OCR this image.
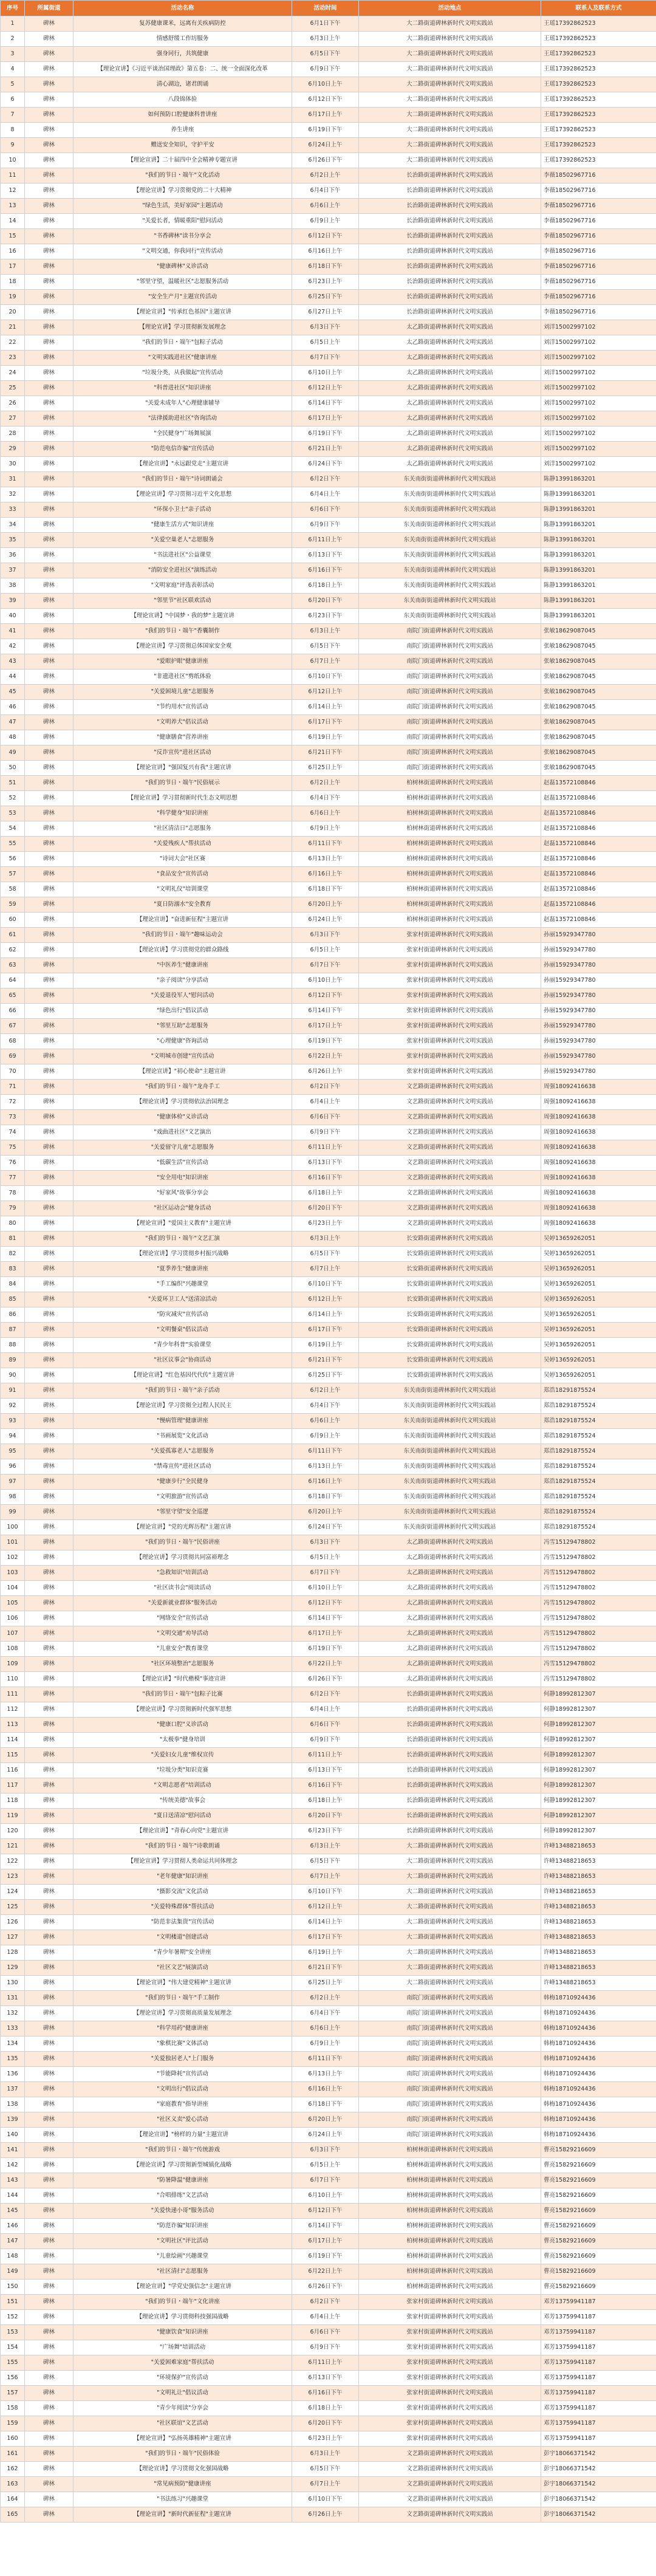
序号	所属街道	活动名称	活动时间	活动地点	联系人及联系方式
1	碑林	复苏健康课米，远离有关疾病防控	6月1日下午	大二路街道碑林新时代文明实践站	王瑶17392862523
2	碑林	情感舒缓工作坊服务	6月3日上午	大二路街道碑林新时代文明实践站	王瑶17392862523
3	碑林	强身同行，共筑健康	6月5日下午	大二路街道碑林新时代文明实践站	王瑶17392862523
4	碑林	【理论宣讲】《习近平谈治国理政》第五卷：二、统一全面深化改革	6月9日下午	大二路街道碑林新时代文明实践站	王瑶17392862523
5	碑林	清心湖边，诸君朗诵	6月10日上午	大二路街道碑林新时代文明实践站	王瑶17392862523
6	碑林	八段锦体验	6月12日下午	大二路街道碑林新时代文明实践站	王瑶17392862523
7	碑林	如何预防口腔健康科普讲座	6月17日上午	大二路街道碑林新时代文明实践站	王瑶17392862523
8	碑林	养生讲座	6月19日下午	大二路街道碑林新时代文明实践站	王瑶17392862523
9	碑林	赠送安全知识，守护平安	6月24日上午	大二路街道碑林新时代文明实践站	王瑶17392862523
10	碑林	【理论宣讲】二十届四中全会精神专题宣讲	6月26日下午	大二路街道碑林新时代文明实践站	王瑶17392862523
11	碑林	"我们的节日・端午"文化活动	6月2日上午	长治路街道碑林新时代文明实践站	李薇18502967716
12	碑林	【理论宣讲】学习贯彻党的二十大精神	6月4日下午	长治路街道碑林新时代文明实践站	李薇18502967716
13	碑林	"绿色生活，美好家园"主题活动	6月6日上午	长治路街道碑林新时代文明实践站	李薇18502967716
14	碑林	"关爱长者，情暖重阳"慰问活动	6月9日上午	长治路街道碑林新时代文明实践站	李薇18502967716
15	碑林	"书香碑林"读书分享会	6月12日下午	长治路街道碑林新时代文明实践站	李薇18502967716
16	碑林	"文明交通，你我同行"宣传活动	6月16日上午	长治路街道碑林新时代文明实践站	李薇18502967716
17	碑林	"健康碑林"义诊活动	6月18日下午	长治路街道碑林新时代文明实践站	李薇18502967716
18	碑林	"邻里守望，温暖社区"志愿服务活动	6月23日上午	长治路街道碑林新时代文明实践站	李薇18502967716
19	碑林	"安全生产月"主题宣传活动	6月25日下午	长治路街道碑林新时代文明实践站	李薇18502967716
20	碑林	【理论宣讲】"传承红色基因"主题宣讲	6月27日上午	长治路街道碑林新时代文明实践站	李薇18502967716
21	碑林	【理论宣讲】学习贯彻新发展理念	6月3日下午	太乙路街道碑林新时代文明实践站	刘洋15002997102
22	碑林	"我们的节日・端午"包粽子活动	6月5日上午	太乙路街道碑林新时代文明实践站	刘洋15002997102
23	碑林	"文明实践进社区"健康讲座	6月7日下午	太乙路街道碑林新时代文明实践站	刘洋15002997102
24	碑林	"垃圾分类，从我做起"宣传活动	6月10日上午	太乙路街道碑林新时代文明实践站	刘洋15002997102
25	碑林	"科普进社区"知识讲座	6月12日上午	太乙路街道碑林新时代文明实践站	刘洋15002997102
26	碑林	"关爱未成年人"心理健康辅导	6月14日下午	太乙路街道碑林新时代文明实践站	刘洋15002997102
27	碑林	"法律援助进社区"咨询活动	6月17日上午	太乙路街道碑林新时代文明实践站	刘洋15002997102
28	碑林	"全民健身"广场舞展演	6月19日下午	太乙路街道碑林新时代文明实践站	刘洋15002997102
29	碑林	"防范电信诈骗"宣传活动	6月21日上午	太乙路街道碑林新时代文明实践站	刘洋15002997102
30	碑林	【理论宣讲】"永远跟党走"主题宣讲	6月24日下午	太乙路街道碑林新时代文明实践站	刘洋15002997102
31	碑林	"我们的节日・端午"诗词朗诵会	6月2日下午	东关南街街道碑林新时代文明实践站	陈静13991863201
32	碑林	【理论宣讲】学习贯彻习近平文化思想	6月4日上午	东关南街街道碑林新时代文明实践站	陈静13991863201
33	碑林	"环保小卫士"亲子活动	6月6日下午	东关南街街道碑林新时代文明实践站	陈静13991863201
34	碑林	"健康生活方式"知识讲座	6月9日下午	东关南街街道碑林新时代文明实践站	陈静13991863201
35	碑林	"关爱空巢老人"志愿服务	6月11日上午	东关南街街道碑林新时代文明实践站	陈静13991863201
36	碑林	"书法进社区"公益课堂	6月13日下午	东关南街街道碑林新时代文明实践站	陈静13991863201
37	碑林	"消防安全进社区"演练活动	6月16日下午	东关南街街道碑林新时代文明实践站	陈静13991863201
38	碑林	"文明家庭"评选表彰活动	6月18日上午	东关南街街道碑林新时代文明实践站	陈静13991863201
39	碑林	"邻里节"社区联欢活动	6月20日下午	东关南街街道碑林新时代文明实践站	陈静13991863201
40	碑林	【理论宣讲】"中国梦・我的梦"主题宣讲	6月23日下午	东关南街街道碑林新时代文明实践站	陈静13991863201
41	碑林	"我们的节日・端午"香囊制作	6月3日上午	南院门街道碑林新时代文明实践站	张敏18629087045
42	碑林	【理论宣讲】学习贯彻总体国家安全观	6月5日下午	南院门街道碑林新时代文明实践站	张敏18629087045
43	碑林	"爱眼护眼"健康讲座	6月7日上午	南院门街道碑林新时代文明实践站	张敏18629087045
44	碑林	"非遗进社区"剪纸体验	6月10日下午	南院门街道碑林新时代文明实践站	张敏18629087045
45	碑林	"关爱困境儿童"志愿服务	6月12日上午	南院门街道碑林新时代文明实践站	张敏18629087045
46	碑林	"节约用水"宣传活动	6月14日上午	南院门街道碑林新时代文明实践站	张敏18629087045
47	碑林	"文明养犬"倡议活动	6月17日下午	南院门街道碑林新时代文明实践站	张敏18629087045
48	碑林	"健康膳食"营养讲座	6月19日上午	南院门街道碑林新时代文明实践站	张敏18629087045
49	碑林	"反诈宣传"进社区活动	6月21日下午	南院门街道碑林新时代文明实践站	张敏18629087045
50	碑林	【理论宣讲】"强国复兴有我"主题宣讲	6月25日上午	南院门街道碑林新时代文明实践站	张敏18629087045
51	碑林	"我们的节日・端午"民俗展示	6月2日上午	柏树林街道碑林新时代文明实践站	赵磊13572108846
52	碑林	【理论宣讲】学习贯彻新时代生态文明思想	6月4日下午	柏树林街道碑林新时代文明实践站	赵磊13572108846
53	碑林	"科学健身"知识讲座	6月6日上午	柏树林街道碑林新时代文明实践站	赵磊13572108846
54	碑林	"社区清洁日"志愿服务	6月9日上午	柏树林街道碑林新时代文明实践站	赵磊13572108846
55	碑林	"关爱残疾人"帮扶活动	6月11日下午	柏树林街道碑林新时代文明实践站	赵磊13572108846
56	碑林	"诗词大会"社区赛	6月13日上午	柏树林街道碑林新时代文明实践站	赵磊13572108846
57	碑林	"食品安全"宣传活动	6月16日上午	柏树林街道碑林新时代文明实践站	赵磊13572108846
58	碑林	"文明礼仪"培训课堂	6月18日下午	柏树林街道碑林新时代文明实践站	赵磊13572108846
59	碑林	"夏日防溺水"安全教育	6月20日上午	柏树林街道碑林新时代文明实践站	赵磊13572108846
60	碑林	【理论宣讲】"奋进新征程"主题宣讲	6月24日上午	柏树林街道碑林新时代文明实践站	赵磊13572108846
61	碑林	"我们的节日・端午"趣味运动会	6月3日下午	张家村街道碑林新时代文明实践站	孙丽15929347780
62	碑林	【理论宣讲】学习贯彻党的群众路线	6月5日上午	张家村街道碑林新时代文明实践站	孙丽15929347780
63	碑林	"中医养生"健康讲座	6月7日下午	张家村街道碑林新时代文明实践站	孙丽15929347780
64	碑林	"亲子阅读"分享活动	6月10日上午	张家村街道碑林新时代文明实践站	孙丽15929347780
65	碑林	"关爱退役军人"慰问活动	6月12日下午	张家村街道碑林新时代文明实践站	孙丽15929347780
66	碑林	"绿色出行"倡议活动	6月14日下午	张家村街道碑林新时代文明实践站	孙丽15929347780
67	碑林	"邻里互助"志愿服务	6月17日上午	张家村街道碑林新时代文明实践站	孙丽15929347780
68	碑林	"心理健康"咨询活动	6月19日下午	张家村街道碑林新时代文明实践站	孙丽15929347780
69	碑林	"文明城市创建"宣传活动	6月22日上午	张家村街道碑林新时代文明实践站	孙丽15929347780
70	碑林	【理论宣讲】"初心使命"主题宣讲	6月26日上午	张家村街道碑林新时代文明实践站	孙丽15929347780
71	碑林	"我们的节日・端午"龙舟手工	6月2日下午	文艺路街道碑林新时代文明实践站	周强18092416638
72	碑林	【理论宣讲】学习贯彻依法治国理念	6月4日上午	文艺路街道碑林新时代文明实践站	周强18092416638
73	碑林	"健康体检"义诊活动	6月6日下午	文艺路街道碑林新时代文明实践站	周强18092416638
74	碑林	"戏曲进社区"文艺演出	6月9日下午	文艺路街道碑林新时代文明实践站	周强18092416638
75	碑林	"关爱留守儿童"志愿服务	6月11日上午	文艺路街道碑林新时代文明实践站	周强18092416638
76	碑林	"低碳生活"宣传活动	6月13日下午	文艺路街道碑林新时代文明实践站	周强18092416638
77	碑林	"安全用电"知识讲座	6月16日下午	文艺路街道碑林新时代文明实践站	周强18092416638
78	碑林	"好家风"故事分享会	6月18日上午	文艺路街道碑林新时代文明实践站	周强18092416638
79	碑林	"社区运动会"健身活动	6月20日下午	文艺路街道碑林新时代文明实践站	周强18092416638
80	碑林	【理论宣讲】"爱国主义教育"主题宣讲	6月23日上午	文艺路街道碑林新时代文明实践站	周强18092416638
81	碑林	"我们的节日・端午"文艺汇演	6月3日上午	长安路街道碑林新时代文明实践站	吴婷13659262051
82	碑林	【理论宣讲】学习贯彻乡村振兴战略	6月5日下午	长安路街道碑林新时代文明实践站	吴婷13659262051
83	碑林	"夏季养生"健康讲座	6月7日上午	长安路街道碑林新时代文明实践站	吴婷13659262051
84	碑林	"手工编织"兴趣课堂	6月10日下午	长安路街道碑林新时代文明实践站	吴婷13659262051
85	碑林	"关爱环卫工人"送清凉活动	6月12日上午	长安路街道碑林新时代文明实践站	吴婷13659262051
86	碑林	"防灾减灾"宣传活动	6月14日上午	长安路街道碑林新时代文明实践站	吴婷13659262051
87	碑林	"文明餐桌"倡议活动	6月17日下午	长安路街道碑林新时代文明实践站	吴婷13659262051
88	碑林	"青少年科普"实验课堂	6月19日上午	长安路街道碑林新时代文明实践站	吴婷13659262051
89	碑林	"社区议事会"协商活动	6月21日下午	长安路街道碑林新时代文明实践站	吴婷13659262051
90	碑林	【理论宣讲】"红色基因代代传"主题宣讲	6月25日下午	长安路街道碑林新时代文明实践站	吴婷13659262051
91	碑林	"我们的节日・端午"亲子活动	6月2日上午	东关南街街道碑林新时代文明实践站	郑浩18291875524
92	碑林	【理论宣讲】学习贯彻全过程人民民主	6月4日下午	东关南街街道碑林新时代文明实践站	郑浩18291875524
93	碑林	"慢病管理"健康讲座	6月6日上午	东关南街街道碑林新时代文明实践站	郑浩18291875524
94	碑林	"书画展览"文化活动	6月9日上午	东关南街街道碑林新时代文明实践站	郑浩18291875524
95	碑林	"关爱孤寡老人"志愿服务	6月11日下午	东关南街街道碑林新时代文明实践站	郑浩18291875524
96	碑林	"禁毒宣传"进社区活动	6月13日上午	东关南街街道碑林新时代文明实践站	郑浩18291875524
97	碑林	"健康步行"全民健身	6月16日上午	东关南街街道碑林新时代文明实践站	郑浩18291875524
98	碑林	"文明旅游"宣传活动	6月18日下午	东关南街街道碑林新时代文明实践站	郑浩18291875524
99	碑林	"邻里守望"安全巡逻	6月20日上午	东关南街街道碑林新时代文明实践站	郑浩18291875524
100	碑林	【理论宣讲】"党的光辉历程"主题宣讲	6月24日下午	东关南街街道碑林新时代文明实践站	郑浩18291875524
101	碑林	"我们的节日・端午"民俗讲座	6月3日下午	太乙路街道碑林新时代文明实践站	冯雪15129478802
102	碑林	【理论宣讲】学习贯彻共同富裕理念	6月5日上午	太乙路街道碑林新时代文明实践站	冯雪15129478802
103	碑林	"急救知识"培训活动	6月7日下午	太乙路街道碑林新时代文明实践站	冯雪15129478802
104	碑林	"社区读书会"阅读活动	6月10日上午	太乙路街道碑林新时代文明实践站	冯雪15129478802
105	碑林	"关爱新就业群体"服务活动	6月12日下午	太乙路街道碑林新时代文明实践站	冯雪15129478802
106	碑林	"网络安全"宣传活动	6月14日下午	太乙路街道碑林新时代文明实践站	冯雪15129478802
107	碑林	"文明交通"劝导活动	6月17日上午	太乙路街道碑林新时代文明实践站	冯雪15129478802
108	碑林	"儿童安全"教育课堂	6月19日下午	太乙路街道碑林新时代文明实践站	冯雪15129478802
109	碑林	"社区环境整治"志愿服务	6月22日上午	太乙路街道碑林新时代文明实践站	冯雪15129478802
110	碑林	【理论宣讲】"时代楷模"事迹宣讲	6月26日下午	太乙路街道碑林新时代文明实践站	冯雪15129478802
111	碑林	"我们的节日・端午"包粽子比赛	6月2日下午	长治路街道碑林新时代文明实践站	何静18992812307
112	碑林	【理论宣讲】学习贯彻新时代强军思想	6月4日上午	长治路街道碑林新时代文明实践站	何静18992812307
113	碑林	"健康口腔"义诊活动	6月6日下午	长治路街道碑林新时代文明实践站	何静18992812307
114	碑林	"太极拳"健身培训	6月9日下午	长治路街道碑林新时代文明实践站	何静18992812307
115	碑林	"关爱妇女儿童"维权宣传	6月11日上午	长治路街道碑林新时代文明实践站	何静18992812307
116	碑林	"垃圾分类"知识竞赛	6月13日下午	长治路街道碑林新时代文明实践站	何静18992812307
117	碑林	"文明志愿者"培训活动	6月16日下午	长治路街道碑林新时代文明实践站	何静18992812307
118	碑林	"传统美德"故事会	6月18日上午	长治路街道碑林新时代文明实践站	何静18992812307
119	碑林	"夏日送清凉"慰问活动	6月20日下午	长治路街道碑林新时代文明实践站	何静18992812307
120	碑林	【理论宣讲】"青春心向党"主题宣讲	6月23日下午	长治路街道碑林新时代文明实践站	何静18992812307
121	碑林	"我们的节日・端午"诗歌朗诵	6月3日上午	大二路街道碑林新时代文明实践站	许峰13488218653
122	碑林	【理论宣讲】学习贯彻人类命运共同体理念	6月5日下午	大二路街道碑林新时代文明实践站	许峰13488218653
123	碑林	"老年健康"知识讲座	6月7日上午	大二路街道碑林新时代文明实践站	许峰13488218653
124	碑林	"摄影交流"文化活动	6月10日下午	大二路街道碑林新时代文明实践站	许峰13488218653
125	碑林	"关爱特殊群体"帮扶活动	6月12日上午	大二路街道碑林新时代文明实践站	许峰13488218653
126	碑林	"防范非法集资"宣传活动	6月14日上午	大二路街道碑林新时代文明实践站	许峰13488218653
127	碑林	"文明楼道"创建活动	6月17日下午	大二路街道碑林新时代文明实践站	许峰13488218653
128	碑林	"青少年暑期"安全讲座	6月19日上午	大二路街道碑林新时代文明实践站	许峰13488218653
129	碑林	"社区文艺"展演活动	6月21日下午	大二路街道碑林新时代文明实践站	许峰13488218653
130	碑林	【理论宣讲】"伟大建党精神"主题宣讲	6月25日上午	大二路街道碑林新时代文明实践站	许峰13488218653
131	碑林	"我们的节日・端午"手工制作	6月2日上午	南院门街道碑林新时代文明实践站	韩梅18710924436
132	碑林	【理论宣讲】学习贯彻高质量发展理念	6月4日下午	南院门街道碑林新时代文明实践站	韩梅18710924436
133	碑林	"科学用药"健康讲座	6月6日上午	南院门街道碑林新时代文明实践站	韩梅18710924436
134	碑林	"象棋比赛"文体活动	6月9日上午	南院门街道碑林新时代文明实践站	韩梅18710924436
135	碑林	"关爱独居老人"上门服务	6月11日下午	南院门街道碑林新时代文明实践站	韩梅18710924436
136	碑林	"节能降耗"宣传活动	6月13日上午	南院门街道碑林新时代文明实践站	韩梅18710924436
137	碑林	"文明出行"倡议活动	6月16日上午	南院门街道碑林新时代文明实践站	韩梅18710924436
138	碑林	"家庭教育"指导讲座	6月18日下午	南院门街道碑林新时代文明实践站	韩梅18710924436
139	碑林	"社区义卖"爱心活动	6月20日上午	南院门街道碑林新时代文明实践站	韩梅18710924436
140	碑林	【理论宣讲】"榜样的力量"主题宣讲	6月24日上午	南院门街道碑林新时代文明实践站	韩梅18710924436
141	碑林	"我们的节日・端午"传统游戏	6月3日下午	柏树林街道碑林新时代文明实践站	曹亮15829216609
142	碑林	【理论宣讲】学习贯彻新型城镇化战略	6月5日上午	柏树林街道碑林新时代文明实践站	曹亮15829216609
143	碑林	"防暑降温"健康讲座	6月7日下午	柏树林街道碑林新时代文明实践站	曹亮15829216609
144	碑林	"合唱排练"文艺活动	6月10日上午	柏树林街道碑林新时代文明实践站	曹亮15829216609
145	碑林	"关爱快递小哥"服务活动	6月12日下午	柏树林街道碑林新时代文明实践站	曹亮15829216609
146	碑林	"防范诈骗"知识讲座	6月14日下午	柏树林街道碑林新时代文明实践站	曹亮15829216609
147	碑林	"文明社区"评比活动	6月17日上午	柏树林街道碑林新时代文明实践站	曹亮15829216609
148	碑林	"儿童绘画"兴趣课堂	6月19日下午	柏树林街道碑林新时代文明实践站	曹亮15829216609
149	碑林	"社区清扫"志愿服务	6月22日上午	柏树林街道碑林新时代文明实践站	曹亮15829216609
150	碑林	【理论宣讲】"学党史强信念"主题宣讲	6月26日下午	柏树林街道碑林新时代文明实践站	曹亮15829216609
151	碑林	"我们的节日・端午"文化讲座	6月2日下午	张家村街道碑林新时代文明实践站	邓芳13759941187
152	碑林	【理论宣讲】学习贯彻科技强国战略	6月4日上午	张家村街道碑林新时代文明实践站	邓芳13759941187
153	碑林	"健康饮食"知识讲座	6月6日下午	张家村街道碑林新时代文明实践站	邓芳13759941187
154	碑林	"广场舞"培训活动	6月9日下午	张家村街道碑林新时代文明实践站	邓芳13759941187
155	碑林	"关爱困难家庭"帮扶活动	6月11日上午	张家村街道碑林新时代文明实践站	邓芳13759941187
156	碑林	"环境保护"宣传活动	6月13日下午	张家村街道碑林新时代文明实践站	邓芳13759941187
157	碑林	"文明礼让"倡议活动	6月16日下午	张家村街道碑林新时代文明实践站	邓芳13759941187
158	碑林	"青少年阅读"分享会	6月18日上午	张家村街道碑林新时代文明实践站	邓芳13759941187
159	碑林	"社区联谊"文艺活动	6月20日下午	张家村街道碑林新时代文明实践站	邓芳13759941187
160	碑林	【理论宣讲】"弘扬英雄精神"主题宣讲	6月23日上午	张家村街道碑林新时代文明实践站	邓芳13759941187
161	碑林	"我们的节日・端午"民俗体验	6月3日上午	文艺路街道碑林新时代文明实践站	彭宇18066371542
162	碑林	【理论宣讲】学习贯彻文化强国战略	6月5日下午	文艺路街道碑林新时代文明实践站	彭宇18066371542
163	碑林	"常见病预防"健康讲座	6月7日上午	文艺路街道碑林新时代文明实践站	彭宇18066371542
164	碑林	"书法练习"兴趣课堂	6月10日下午	文艺路街道碑林新时代文明实践站	彭宇18066371542
165	碑林	【理论宣讲】"新时代新征程"主题宣讲	6月26日上午	文艺路街道碑林新时代文明实践站	彭宇18066371542
